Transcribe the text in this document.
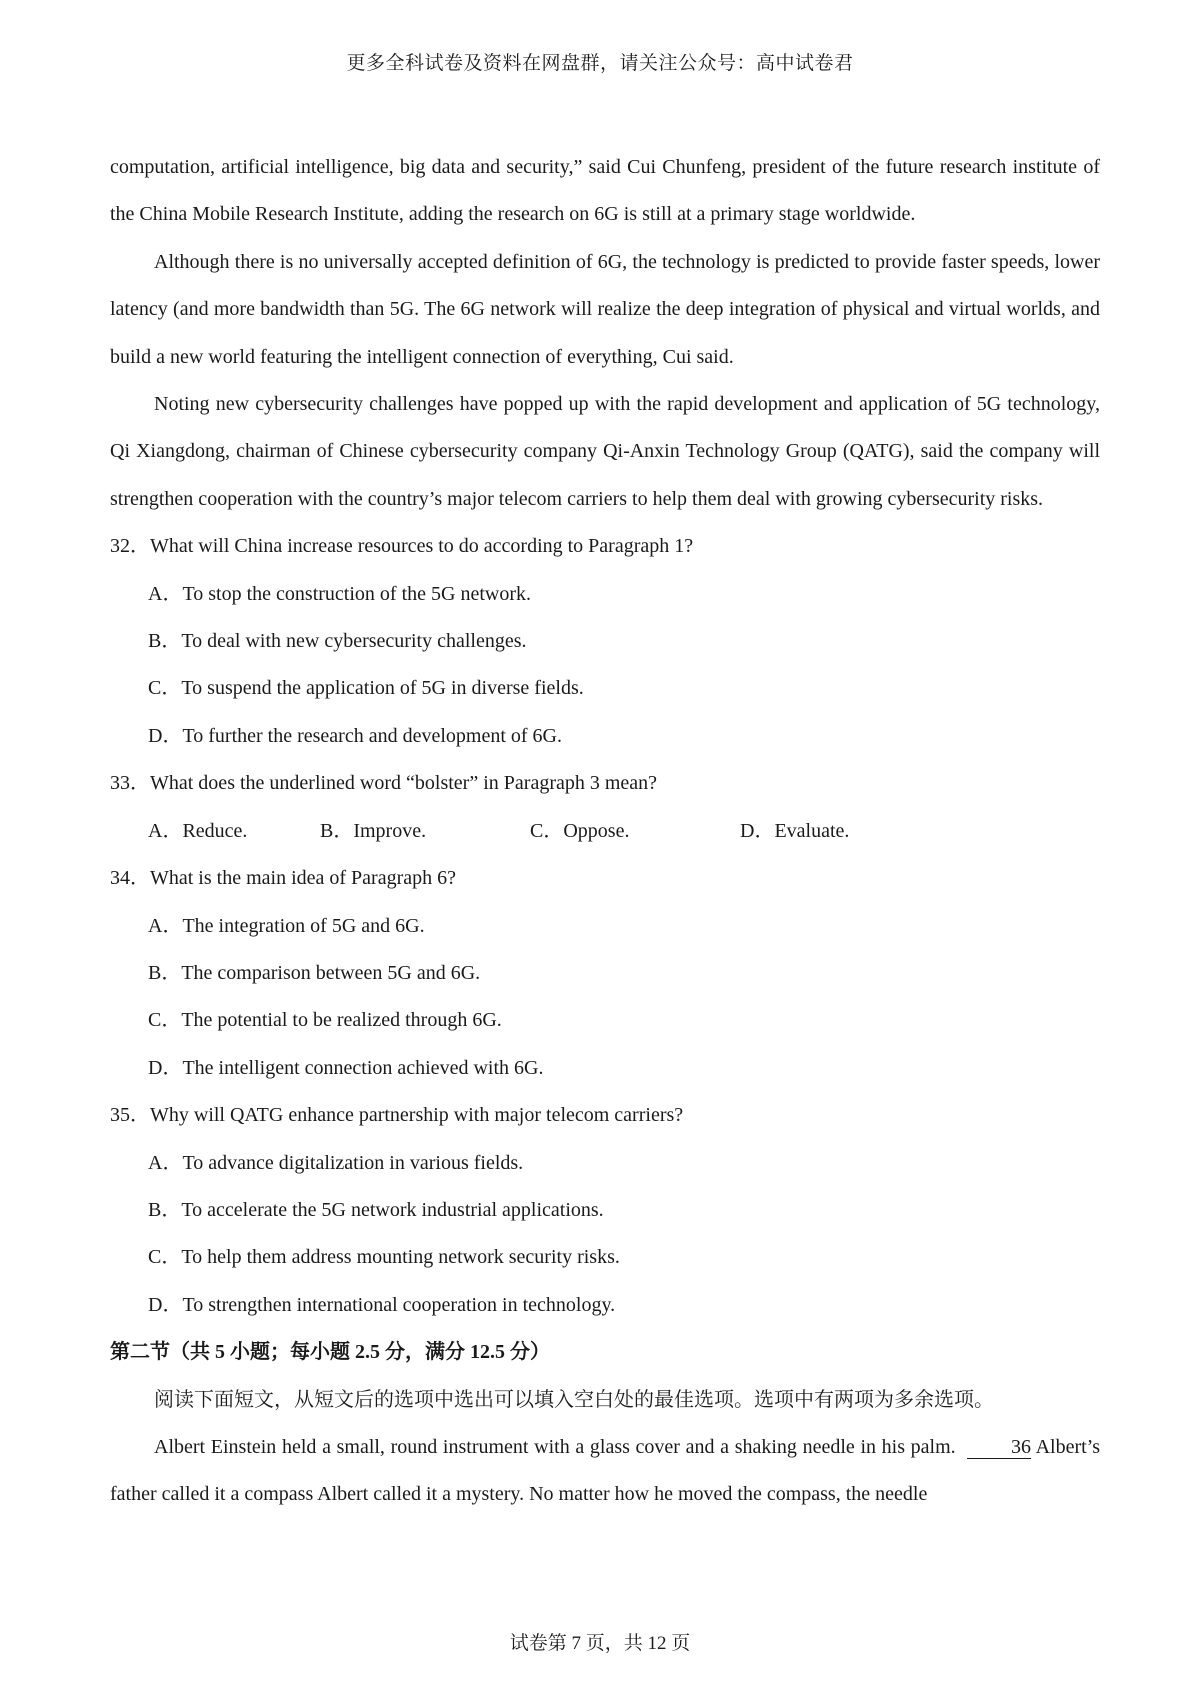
更多全科试卷及资料在网盘群，请关注公众号：高中试卷君

computation, artificial intelligence, big data and security,” said Cui Chunfeng, president of the future research institute of the China Mobile Research Institute, adding the research on 6G is still at a primary stage worldwide.

Although there is no universally accepted definition of 6G, the technology is predicted to provide faster speeds, lower latency (and more bandwidth than 5G. The 6G network will realize the deep integration of physical and virtual worlds, and build a new world featuring the intelligent connection of everything, Cui said.

Noting new cybersecurity challenges have popped up with the rapid development and application of 5G technology, Qi Xiangdong, chairman of Chinese cybersecurity company Qi-Anxin Technology Group (QATG), said the company will strengthen cooperation with the country’s major telecom carriers to help them deal with growing cybersecurity risks.

32．What will China increase resources to do according to Paragraph 1?

A．To stop the construction of the 5G network.

B．To deal with new cybersecurity challenges.

C．To suspend the application of 5G in diverse fields.

D．To further the research and development of 6G.

33．What does the underlined word “bolster” in Paragraph 3 mean?

A．Reduce.	B．Improve.	C．Oppose.	D．Evaluate.

34．What is the main idea of Paragraph 6?

A．The integration of 5G and 6G.

B．The comparison between 5G and 6G.

C．The potential to be realized through 6G.

D．The intelligent connection achieved with 6G.

35．Why will QATG enhance partnership with major telecom carriers?

A．To advance digitalization in various fields.

B．To accelerate the 5G network industrial applications.

C．To help them address mounting network security risks.

D．To strengthen international cooperation in technology.

第二节（共 5 小题；每小题 2.5 分，满分 12.5 分）

阅读下面短文，从短文后的选项中选出可以填入空白处的最佳选项。选项中有两项为多余选项。

Albert Einstein held a small, round instrument with a glass cover and a shaking needle in his palm.	36 Albert’s father called it a compass Albert called it a mystery. No matter how he moved the compass, the needle

试卷第 7 页，共 12 页
